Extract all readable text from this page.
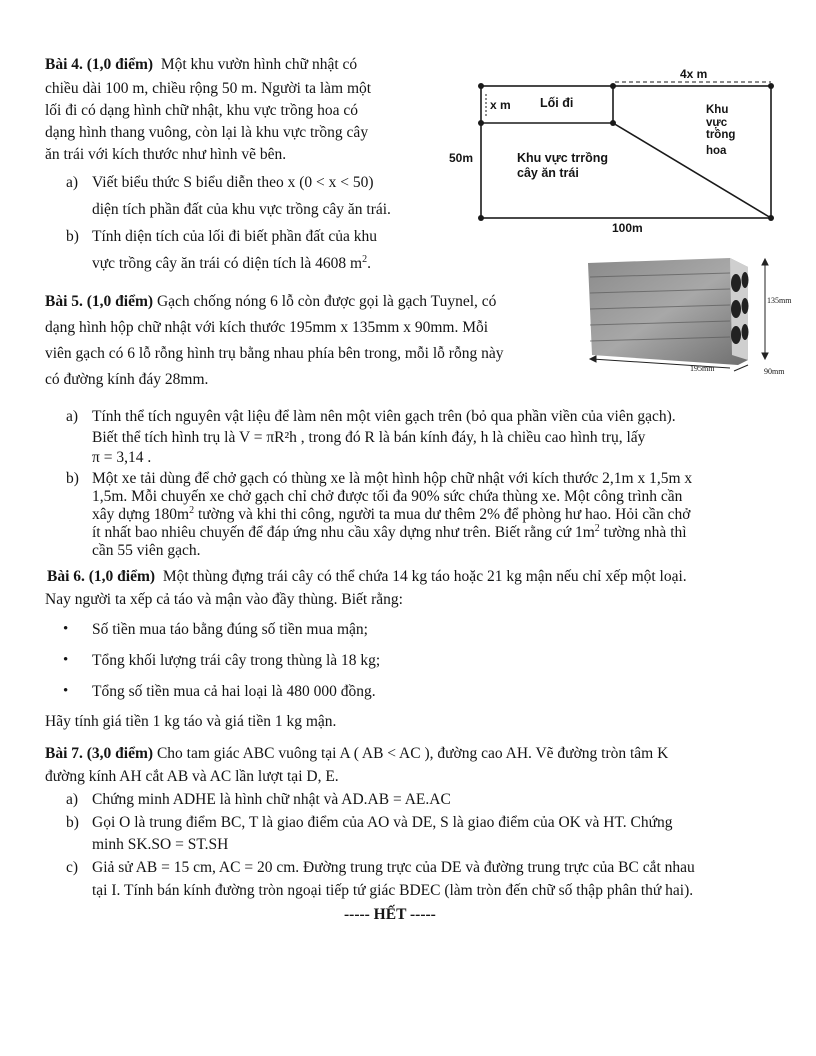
Bài 4. (1,0 điểm) Một khu vườn hình chữ nhật có
chiều dài 100 m, chiều rộng 50 m. Người ta làm một
lối đi có dạng hình chữ nhật, khu vực trồng hoa có
dạng hình thang vuông, còn lại là khu vực trồng cây
ăn trái với kích thước như hình vẽ bên.
a) Viết biểu thức S biểu diễn theo x (0 < x < 50)
diện tích phần đất của khu vực trồng cây ăn trái.
b) Tính diện tích của lối đi biết phần đất của khu
vực trồng cây ăn trái có diện tích là 4608 $m^2$.
4x m
x m Lối đi	Khu
vực
trồng
hoa
Khu vực trrồng
cây ăn trái
50m
100m
Bài 5. (1,0 điểm) Gạch chống nóng 6 lỗ còn được gọi là gạch Tuynel, có
dạng hình hộp chữ nhật với kích thước 195mm x 135mm x 90mm. Mỗi
viên gạch có 6 lỗ rỗng hình trụ bằng nhau phía bên trong, mỗi lỗ rỗng này
có đường kính đáy 28mm.
135mm
195mm	90mm
a) Tính thể tích nguyên vật liệu để làm nên một viên gạch trên (bỏ qua phần viền của viên gạch).
Biết thể tích hình trụ là V = πR²h , trong đó R là bán kính đáy, h là chiều cao hình trụ, lấy
π = 3,14 .
b) Một xe tải dùng để chở gạch có thùng xe là một hình hộp chữ nhật với kích thước 2,1m x 1,5m x
1,5m. Mỗi chuyến xe chở gạch chỉ chở được tối đa 90% sức chứa thùng xe. Một công trình cần
xây dựng $180m^2$ tường và khi thi công, người ta mua dư thêm 2% để phòng hư hao. Hỏi cần chở
ít nhất bao nhiêu chuyến để đáp ứng nhu cầu xây dựng như trên. Biết rằng cứ $1m^2$ tường nhà thì
cần 55 viên gạch.
Bài 6. (1,0 điểm) Một thùng đựng trái cây có thể chứa 14 kg táo hoặc 21 kg mận nếu chỉ xếp một loại.
Nay người ta xếp cả táo và mận vào đầy thùng. Biết rằng:
• Số tiền mua táo bằng đúng số tiền mua mận;
• Tổng khối lượng trái cây trong thùng là 18 kg;
• Tổng số tiền mua cả hai loại là 480 000 đồng.
Hãy tính giá tiền 1 kg táo và giá tiền 1 kg mận.
Bài 7. (3,0 điểm) Cho tam giác ABC vuông tại A ( AB < AC ), đường cao AH. Vẽ đường tròn tâm K
đường kính AH cắt AB và AC lần lượt tại D, E.
a) Chứng minh ADHE là hình chữ nhật và AD.AB = AE.AC
b) Gọi O là trung điểm BC, T là giao điểm của AO và DE, S là giao điểm của OK và HT. Chứng
minh SK.SO = ST.SH
c) Giả sử AB = 15 cm, AC = 20 cm. Đường trung trực của DE và đường trung trực của BC cắt nhau
tại I. Tính bán kính đường tròn ngoại tiếp tứ giác BDEC (làm tròn đến chữ số thập phân thứ hai).
----- HẾT -----
